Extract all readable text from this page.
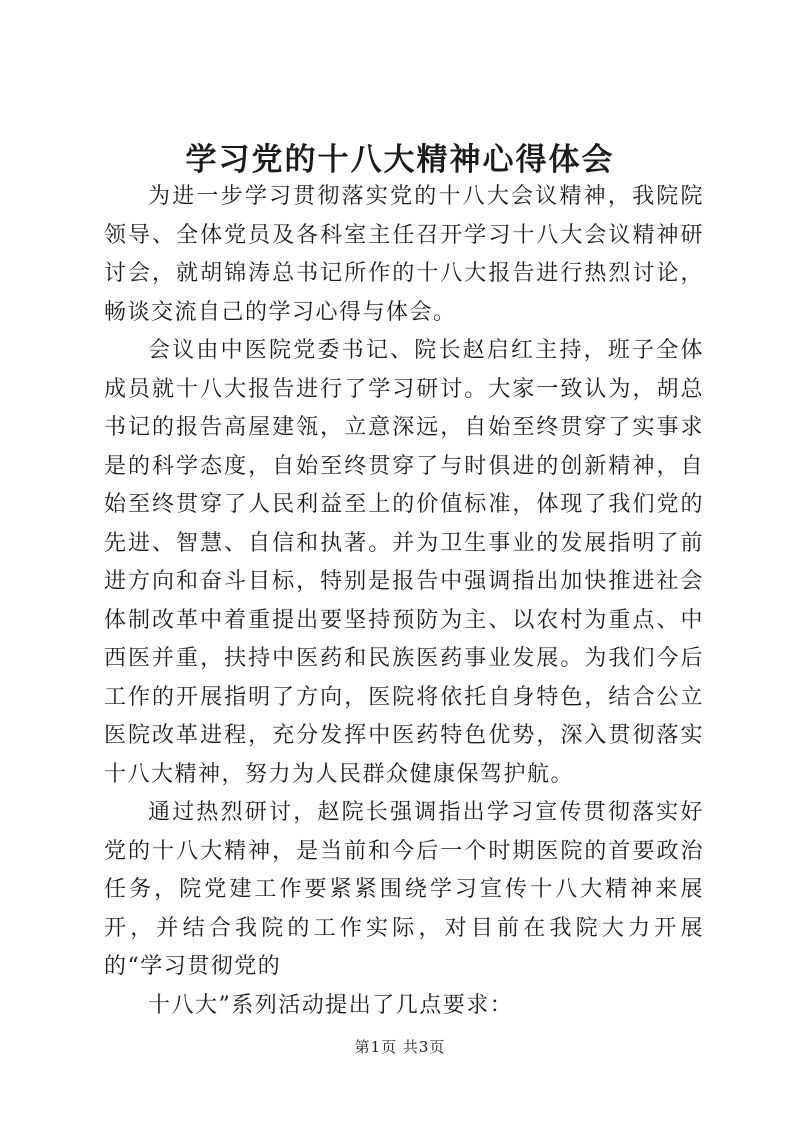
学习党的十八大精神心得体会

为进一步学习贯彻落实党的十八大会议精神，我院院领导、全体党员及各科室主任召开学习十八大会议精神研讨会，就胡锦涛总书记所作的十八大报告进行热烈讨论，畅谈交流自己的学习心得与体会。

会议由中医院党委书记、院长赵启红主持，班子全体成员就十八大报告进行了学习研讨。大家一致认为，胡总书记的报告高屋建瓴，立意深远，自始至终贯穿了实事求是的科学态度，自始至终贯穿了与时俱进的创新精神，自始至终贯穿了人民利益至上的价值标准，体现了我们党的先进、智慧、自信和执著。并为卫生事业的发展指明了前进方向和奋斗目标，特别是报告中强调指出加快推进社会体制改革中着重提出要坚持预防为主、以农村为重点、中西医并重，扶持中医药和民族医药事业发展。为我们今后工作的开展指明了方向，医院将依托自身特色，结合公立医院改革进程，充分发挥中医药特色优势，深入贯彻落实十八大精神，努力为人民群众健康保驾护航。

通过热烈研讨，赵院长强调指出学习宣传贯彻落实好党的十八大精神，是当前和今后一个时期医院的首要政治任务，院党建工作要紧紧围绕学习宣传十八大精神来展开，并结合我院的工作实际，对目前在我院大力开展的“学习贯彻党的

十八大”系列活动提出了几点要求：

第1页 共3页
